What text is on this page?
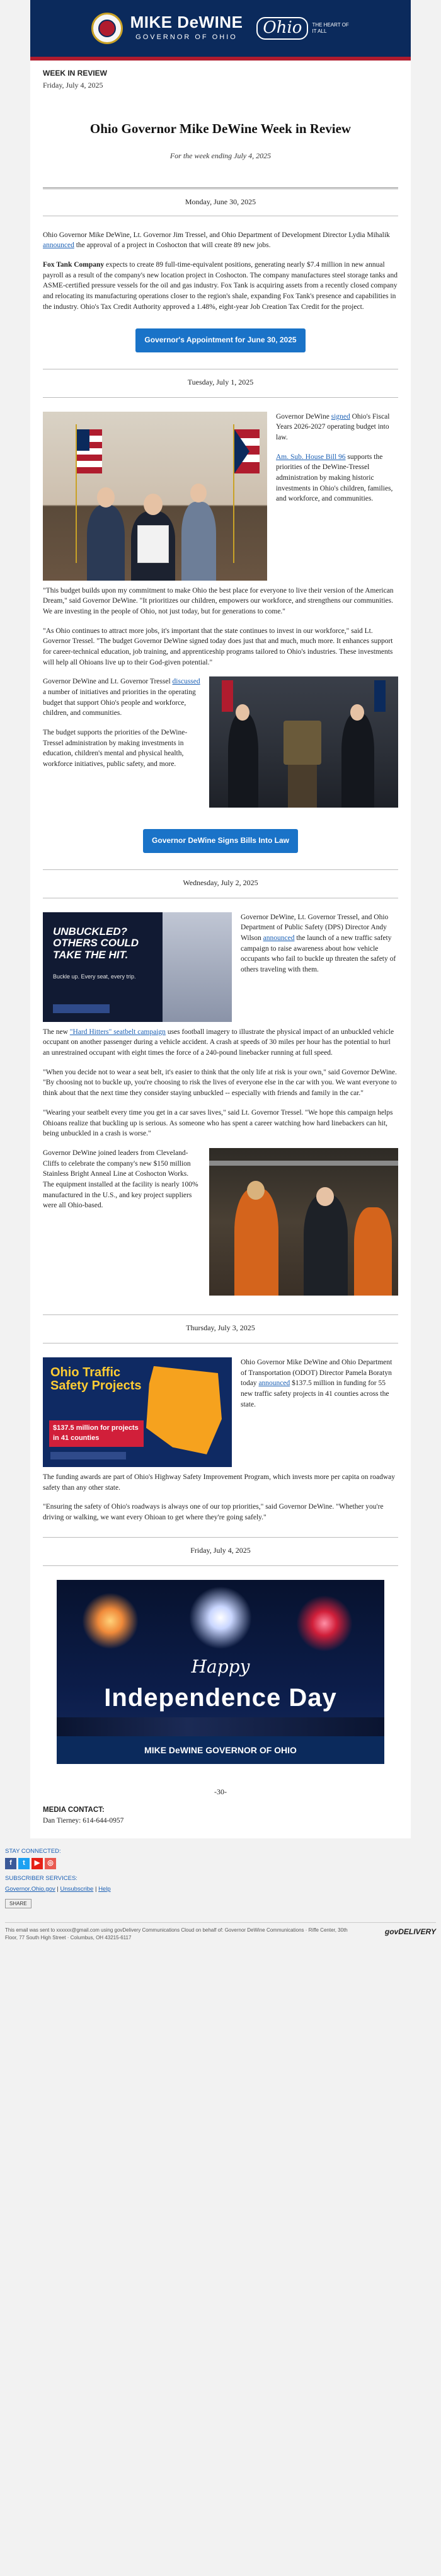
MIKE DeWINE
GOVERNOR OF OHIO	Ohio	THE HEART OF IT ALL
WEEK IN REVIEW
Friday, July 4, 2025
Ohio Governor Mike DeWine Week in Review
For the week ending July 4, 2025
Monday, June 30, 2025

Ohio Governor Mike DeWine, Lt. Governor Jim Tressel, and Ohio Department of Development Director Lydia Mihalik announced the approval of a project in Coshocton that will create 89 new jobs.

Fox Tank Company expects to create 89 full-time-equivalent positions, generating nearly $7.4 million in new annual payroll as a result of the company's new location project in Coshocton. The company manufactures steel storage tanks and ASME-certified pressure vessels for the oil and gas industry. Fox Tank is acquiring assets from a recently closed company and relocating its manufacturing operations closer to the region's shale, expanding Fox Tank's presence and capabilities in the industry. Ohio's Tax Credit Authority approved a 1.48%, eight-year Job Creation Tax Credit for the project.

Governor's Appointment for June 30, 2025
Tuesday, July 1, 2025

Governor DeWine signed Ohio's Fiscal Years 2026-2027 operating budget into law.

Am. Sub. House Bill 96 supports the priorities of the DeWine-Tressel administration by making historic investments in Ohio's children, families, and workforce, and communities.

"This budget builds upon my commitment to make Ohio the best place for everyone to live their version of the American Dream," said Governor DeWine. "It prioritizes our children, empowers our workforce, and strengthens our communities. We are investing in the people of Ohio, not just today, but for generations to come."

"As Ohio continues to attract more jobs, it's important that the state continues to invest in our workforce," said Lt. Governor Tressel. "The budget Governor DeWine signed today does just that and much, much more. It enhances support for career-technical education, job training, and apprenticeship programs tailored to Ohio's industries. These investments will help all Ohioans live up to their God-given potential."

Governor DeWine and Lt. Governor Tressel discussed a number of initiatives and priorities in the operating budget that support Ohio's people and workforce, children, and communities.

The budget supports the priorities of the DeWine-Tressel administration by making investments in education, children's mental and physical health, workforce initiatives, public safety, and more.

Governor DeWine Signs Bills Into Law
Wednesday, July 2, 2025
UNBUCKLED? OTHERS COULD TAKE THE HIT.
Buckle up. Every seat, every trip.

Governor DeWine, Lt. Governor Tressel, and Ohio Department of Public Safety (DPS) Director Andy Wilson announced the launch of a new traffic safety campaign to raise awareness about how vehicle occupants who fail to buckle up threaten the safety of others traveling with them.

The new "Hard Hitters" seatbelt campaign uses football imagery to illustrate the physical impact of an unbuckled vehicle occupant on another passenger during a vehicle accident. A crash at speeds of 30 miles per hour has the potential to hurl an unrestrained occupant with eight times the force of a 240-pound linebacker running at full speed.

"When you decide not to wear a seat belt, it's easier to think that the only life at risk is your own," said Governor DeWine. "By choosing not to buckle up, you're choosing to risk the lives of everyone else in the car with you. We want everyone to think about that the next time they consider staying unbuckled -- especially with friends and family in the car."

"Wearing your seatbelt every time you get in a car saves lives," said Lt. Governor Tressel. "We hope this campaign helps Ohioans realize that buckling up is serious. As someone who has spent a career watching how hard linebackers can hit, being unbuckled in a crash is worse."

Governor DeWine joined leaders from Cleveland-Cliffs to celebrate the company's new $150 million Stainless Bright Anneal Line at Coshocton Works. The equipment installed at the facility is nearly 100% manufactured in the U.S., and key project suppliers were all Ohio-based.

Thursday, July 3, 2025
Ohio Traffic Safety Projects
$137.5 million for projects in 41 counties

Ohio Governor Mike DeWine and Ohio Department of Transportation (ODOT) Director Pamela Boratyn today announced $137.5 million in funding for 55 new traffic safety projects in 41 counties across the state.

The funding awards are part of Ohio's Highway Safety Improvement Program, which invests more per capita on roadway safety than any other state.

"Ensuring the safety of Ohio's roadways is always one of our top priorities," said Governor DeWine. "Whether you're driving or walking, we want every Ohioan to get where they're going safely."

Friday, July 4, 2025
Happy
Independence Day
MIKE DeWINE GOVERNOR OF OHIO
-30-
MEDIA CONTACT:
Dan Tierney: 614-644-0957
STAY CONNECTED:
f	t	▶	◎
SUBSCRIBER SERVICES:
Governor.Ohio.gov | Unsubscribe | Help
SHARE
This email was sent to xxxxxx@gmail.com using govDelivery Communications Cloud on behalf of: Governor DeWine Communications · Riffe Center, 30th Floor, 77 South High Street · Columbus, OH 43215-6117
govDELIVERY
